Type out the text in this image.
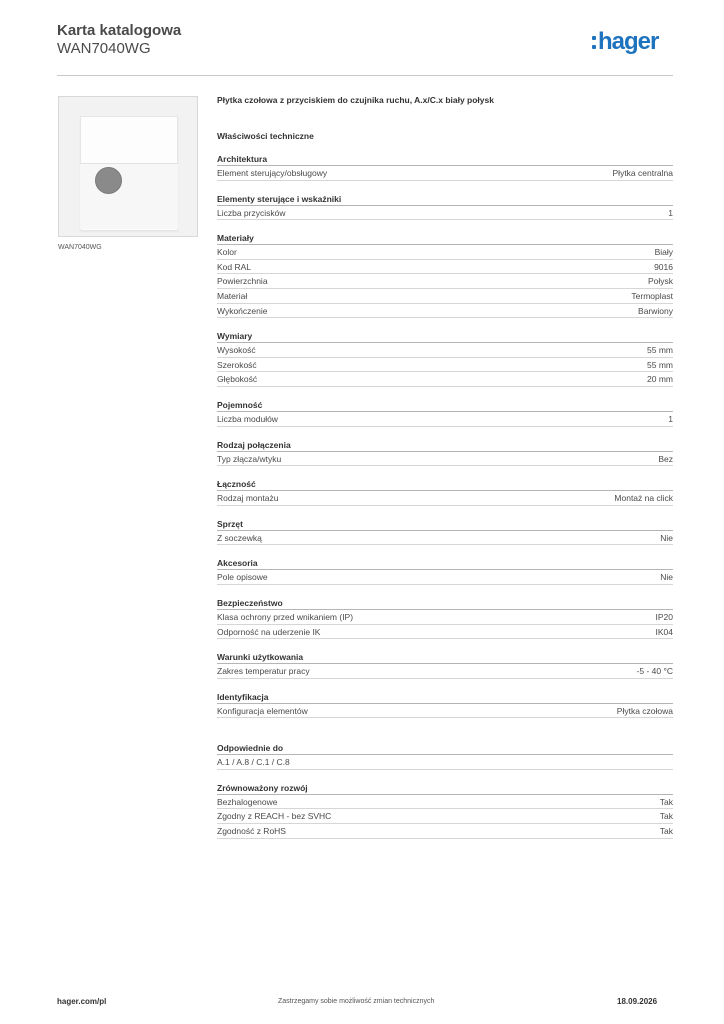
Karta katalogowa
WAN7040WG	hager
WAN7040WG
Płytka czołowa z przyciskiem do czujnika ruchu, A.x/C.x biały połysk
Właściwości techniczne
Architektura
Element sterujący/obsługowy	Płytka centralna
Elementy sterujące i wskaźniki
Liczba przycisków	1
Materiały
Kolor	Biały
Kod RAL	9016
Powierzchnia	Połysk
Materiał	Termoplast
Wykończenie	Barwiony
Wymiary
Wysokość	55 mm
Szerokość	55 mm
Głębokość	20 mm
Pojemność
Liczba modułów	1
Rodzaj połączenia
Typ złącza/wtyku	Bez
Łączność
Rodzaj montażu	Montaż na click
Sprzęt
Z soczewką	Nie
Akcesoria
Pole opisowe	Nie
Bezpieczeństwo
Klasa ochrony przed wnikaniem (IP)	IP20
Odporność na uderzenie IK	IK04
Warunki użytkowania
Zakres temperatur pracy	-5 - 40 °C
Identyfikacja
Konfiguracja elementów	Płytka czołowa
Odpowiednie do
A.1 / A.8 / C.1 / C.8
Zrównoważony rozwój
Bezhalogenowe	Tak
Zgodny z REACH - bez SVHC	Tak
Zgodność z RoHS	Tak
hager.com/pl	Zastrzegamy sobie możliwość zmian technicznych	18.09.2026
